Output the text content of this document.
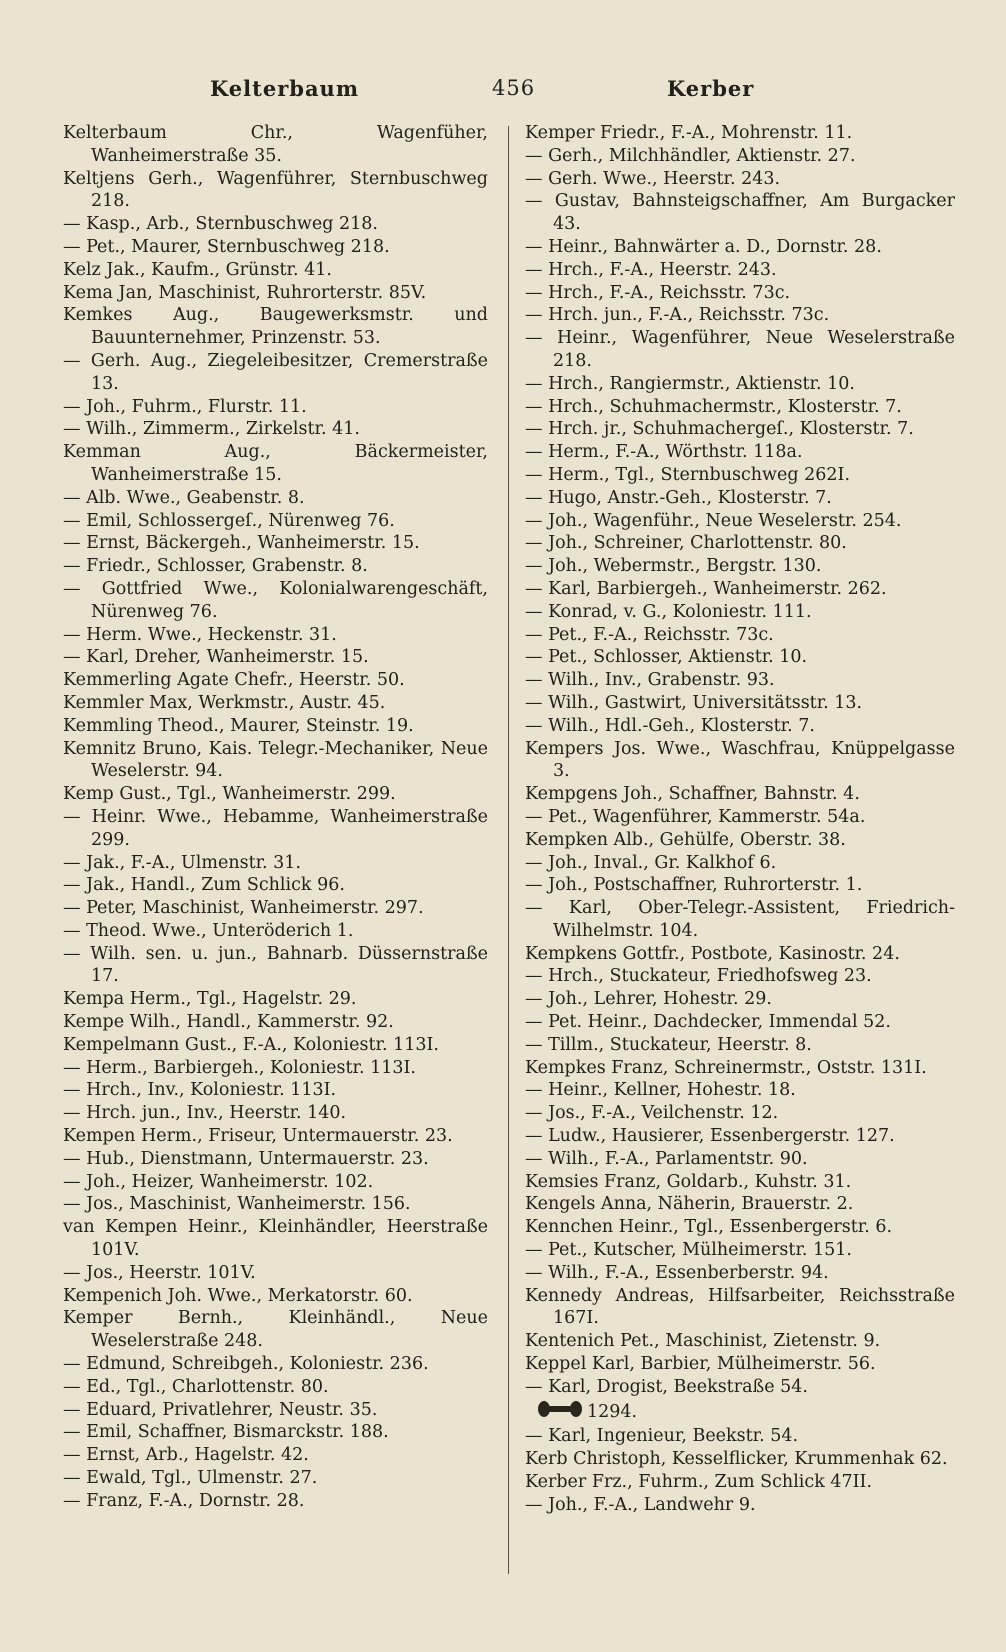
Kelterbaum	456	Kerber
Kelterbaum Chr., Wagenfüher, Wanheimerstraße 35.
Keltjens Gerh., Wagenführer, Sternbuschweg 218.
— Kasp., Arb., Sternbuschweg 218.
— Pet., Maurer, Sternbuschweg 218.
Kelz Jak., Kaufm., Grünstr. 41.
Kema Jan, Maschinist, Ruhrorterstr. 85V.
Kemkes Aug., Baugewerksmstr. und Bauunternehmer, Prinzenstr. 53.
— Gerh. Aug., Ziegeleibesitzer, Cremerstraße 13.
— Joh., Fuhrm., Flurstr. 11.
— Wilh., Zimmerm., Zirkelstr. 41.
Kemman Aug., Bäckermeister, Wanheimerstraße 15.
— Alb. Wwe., Geabenstr. 8.
— Emil, Schlossergeſ., Nürenweg 76.
— Ernst, Bäckergeh., Wanheimerstr. 15.
— Friedr., Schlosser, Grabenstr. 8.
— Gottfried Wwe., Kolonialwarengeschäft, Nürenweg 76.
— Herm. Wwe., Heckenstr. 31.
— Karl, Dreher, Wanheimerstr. 15.
Kemmerling Agate Chefr., Heerstr. 50.
Kemmler Max, Werkmstr., Austr. 45.
Kemmling Theod., Maurer, Steinstr. 19.
Kemnitz Bruno, Kais. Telegr.-Mechaniker, Neue Weselerstr. 94.
Kemp Gust., Tgl., Wanheimerstr. 299.
— Heinr. Wwe., Hebamme, Wanheimerstraße 299.
— Jak., F.-A., Ulmenstr. 31.
— Jak., Handl., Zum Schlick 96.
— Peter, Maschinist, Wanheimerstr. 297.
— Theod. Wwe., Unteröderich 1.
— Wilh. sen. u. jun., Bahnarb. Düssernstraße 17.
Kempa Herm., Tgl., Hagelstr. 29.
Kempe Wilh., Handl., Kammerstr. 92.
Kempelmann Gust., F.-A., Koloniestr. 113I.
— Herm., Barbiergeh., Koloniestr. 113I.
— Hrch., Inv., Koloniestr. 113I.
— Hrch. jun., Inv., Heerstr. 140.
Kempen Herm., Friseur, Untermauerstr. 23.
— Hub., Dienstmann, Untermauerstr. 23.
— Joh., Heizer, Wanheimerstr. 102.
— Jos., Maschinist, Wanheimerstr. 156.
van Kempen Heinr., Kleinhändler, Heerstraße 101V.
— Jos., Heerstr. 101V.
Kempenich Joh. Wwe., Merkatorstr. 60.
Kemper Bernh., Kleinhändl., Neue Weselerstraße 248.
— Edmund, Schreibgeh., Koloniestr. 236.
— Ed., Tgl., Charlottenstr. 80.
— Eduard, Privatlehrer, Neustr. 35.
— Emil, Schaffner, Bismarckstr. 188.
— Ernst, Arb., Hagelstr. 42.
— Ewald, Tgl., Ulmenstr. 27.
— Franz, F.-A., Dornstr. 28.
Kemper Friedr., F.-A., Mohrenstr. 11.
— Gerh., Milchhändler, Aktienstr. 27.
— Gerh. Wwe., Heerstr. 243.
— Gustav, Bahnsteigschaffner, Am Burgacker 43.
— Heinr., Bahnwärter a. D., Dornstr. 28.
— Hrch., F.-A., Heerstr. 243.
— Hrch., F.-A., Reichsstr. 73c.
— Hrch. jun., F.-A., Reichsstr. 73c.
— Heinr., Wagenführer, Neue Weselerstraße 218.
— Hrch., Rangiermstr., Aktienstr. 10.
— Hrch., Schuhmachermstr., Klosterstr. 7.
— Hrch. jr., Schuhmachergeſ., Klosterstr. 7.
— Herm., F.-A., Wörthstr. 118a.
— Herm., Tgl., Sternbuschweg 262I.
— Hugo, Anstr.-Geh., Klosterstr. 7.
— Joh., Wagenführ., Neue Weselerstr. 254.
— Joh., Schreiner, Charlottenstr. 80.
— Joh., Webermstr., Bergstr. 130.
— Karl, Barbiergeh., Wanheimerstr. 262.
— Konrad, v. G., Koloniestr. 111.
— Pet., F.-A., Reichsstr. 73c.
— Pet., Schlosser, Aktienstr. 10.
— Wilh., Inv., Grabenstr. 93.
— Wilh., Gastwirt, Universitätsstr. 13.
— Wilh., Hdl.-Geh., Klosterstr. 7.
Kempers Jos. Wwe., Waschfrau, Knüppelgasse 3.
Kempgens Joh., Schaffner, Bahnstr. 4.
— Pet., Wagenführer, Kammerstr. 54a.
Kempken Alb., Gehülfe, Oberstr. 38.
— Joh., Inval., Gr. Kalkhof 6.
— Joh., Postschaffner, Ruhrorterstr. 1.
— Karl, Ober-Telegr.-Assistent, Friedrich-Wilhelmstr. 104.
Kempkens Gottfr., Postbote, Kasinostr. 24.
— Hrch., Stuckateur, Friedhofsweg 23.
— Joh., Lehrer, Hohestr. 29.
— Pet. Heinr., Dachdecker, Immendal 52.
— Tillm., Stuckateur, Heerstr. 8.
Kempkes Franz, Schreinermstr., Oststr. 131I.
— Heinr., Kellner, Hohestr. 18.
— Jos., F.-A., Veilchenstr. 12.
— Ludw., Hausierer, Essenbergerstr. 127.
— Wilh., F.-A., Parlamentstr. 90.
Kemsies Franz, Goldarb., Kuhstr. 31.
Kengels Anna, Näherin, Brauerstr. 2.
Kennchen Heinr., Tgl., Essenbergerstr. 6.
— Pet., Kutscher, Mülheimerstr. 151.
— Wilh., F.-A., Essenberberstr. 94.
Kennedy Andreas, Hilfsarbeiter, Reichsstraße 167I.
Kentenich Pet., Maschinist, Zietenstr. 9.
Keppel Karl, Barbier, Mülheimerstr. 56.
— Karl, Drogist, Beekstraße 54.
1294.
— Karl, Ingenieur, Beekstr. 54.
Kerb Christoph, Kesselflicker, Krummenhak 62.
Kerber Frz., Fuhrm., Zum Schlick 47II.
— Joh., F.-A., Landwehr 9.
